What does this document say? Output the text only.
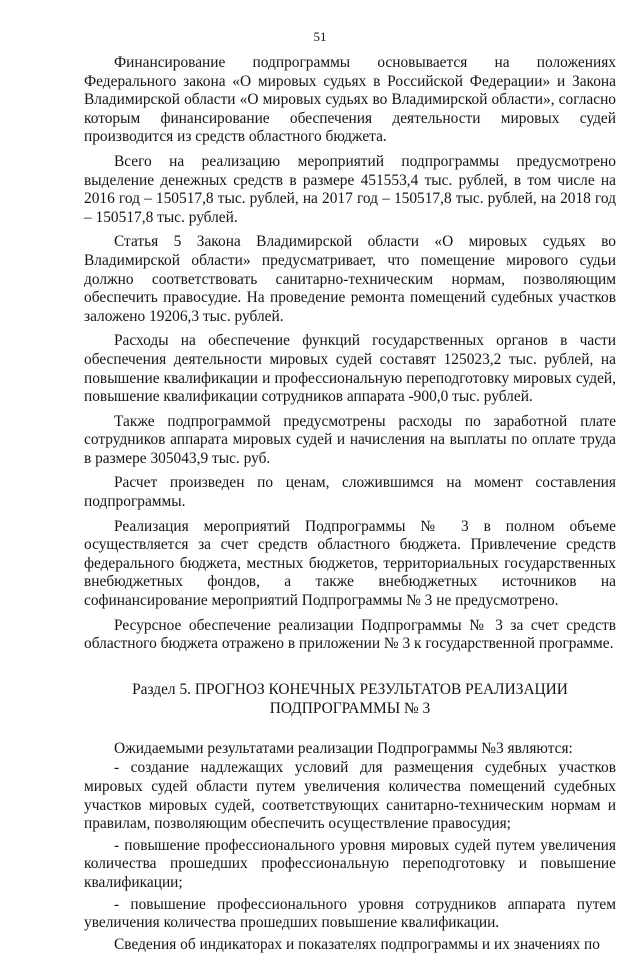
51

Финансирование подпрограммы основывается на положениях Федерального закона «О мировых судьях в Российской Федерации» и Закона Владимирской области «О мировых судьях во Владимирской области», согласно которым финансирование обеспечения деятельности мировых судей производится из средств областного бюджета.

Всего на реализацию мероприятий подпрограммы предусмотрено выделение денежных средств в размере 451553,4 тыс. рублей, в том числе на 2016 год – 150517,8 тыс. рублей, на 2017 год – 150517,8 тыс. рублей, на 2018 год – 150517,8 тыс. рублей.

Статья 5 Закона Владимирской области «О мировых судьях во Владимирской области» предусматривает, что помещение мирового судьи должно соответствовать санитарно-техническим нормам, позволяющим обеспечить правосудие. На проведение ремонта помещений судебных участков заложено 19206,3 тыс. рублей.

Расходы на обеспечение функций государственных органов в части обеспечения деятельности мировых судей составят 125023,2 тыс. рублей, на повышение квалификации и профессиональную переподготовку мировых судей, повышение квалификации сотрудников аппарата -900,0 тыс. рублей.

Также подпрограммой предусмотрены расходы по заработной плате сотрудников аппарата мировых судей и начисления на выплаты по оплате труда в размере 305043,9 тыс. руб.

Расчет произведен по ценам, сложившимся на момент составления подпрограммы.

Реализация мероприятий Подпрограммы № 3 в полном объеме осуществляется за счет средств областного бюджета. Привлечение средств федерального бюджета, местных бюджетов, территориальных государственных внебюджетных фондов, а также внебюджетных источников на софинансирование мероприятий Подпрограммы № 3 не предусмотрено.

Ресурсное обеспечение реализации Подпрограммы № 3 за счет средств областного бюджета отражено в приложении № 3 к государственной программе.

Раздел 5. ПРОГНОЗ КОНЕЧНЫХ РЕЗУЛЬТАТОВ РЕАЛИЗАЦИИ
ПОДПРОГРАММЫ № 3

Ожидаемыми результатами реализации Подпрограммы №3 являются:

- создание надлежащих условий для размещения судебных участков мировых судей области путем увеличения количества помещений судебных участков мировых судей, соответствующих санитарно-техническим нормам и правилам, позволяющим обеспечить осуществление правосудия;

- повышение профессионального уровня мировых судей путем увеличения количества прошедших профессиональную переподготовку и повышение квалификации;

- повышение профессионального уровня сотрудников аппарата путем увеличения количества прошедших повышение квалификации.

Сведения об индикаторах и показателях подпрограммы и их значениях по
